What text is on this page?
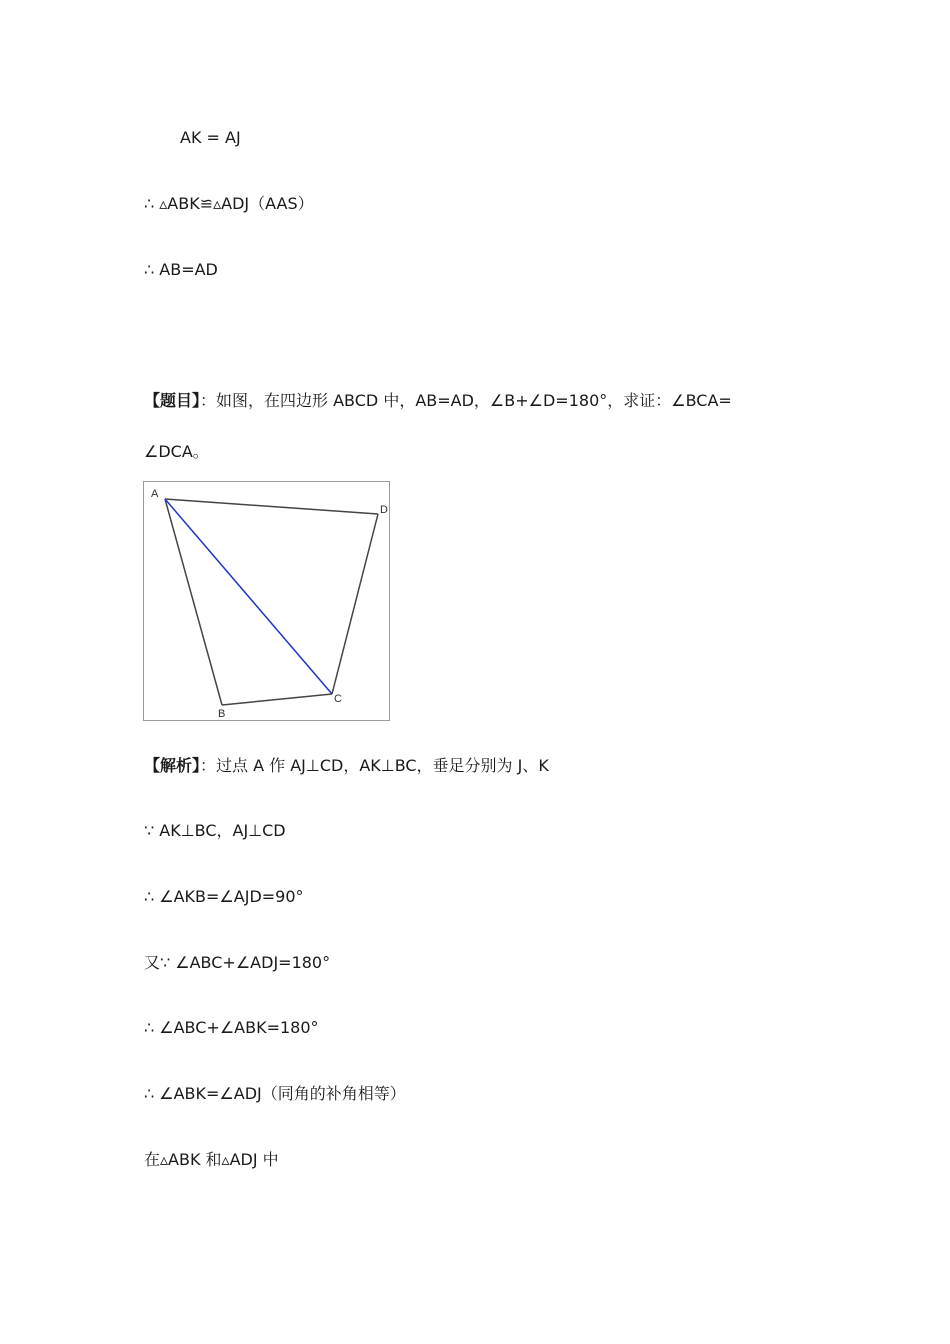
AK = AJ
∴ ▵ABK≌▵ADJ（AAS）
∴ AB=AD
【题目】：如图，在四边形 ABCD 中，AB=AD，∠B+∠D=180°，求证：∠BCA=
∠DCA。
A
D
B
C
【解析】：过点 A 作 AJ⊥CD，AK⊥BC，垂足分别为 J、K
∵ AK⊥BC，AJ⊥CD
∴ ∠AKB=∠AJD=90°
又∵ ∠ABC+∠ADJ=180°
∴ ∠ABC+∠ABK=180°
∴ ∠ABK=∠ADJ（同角的补角相等）
在▵ABK 和▵ADJ 中
